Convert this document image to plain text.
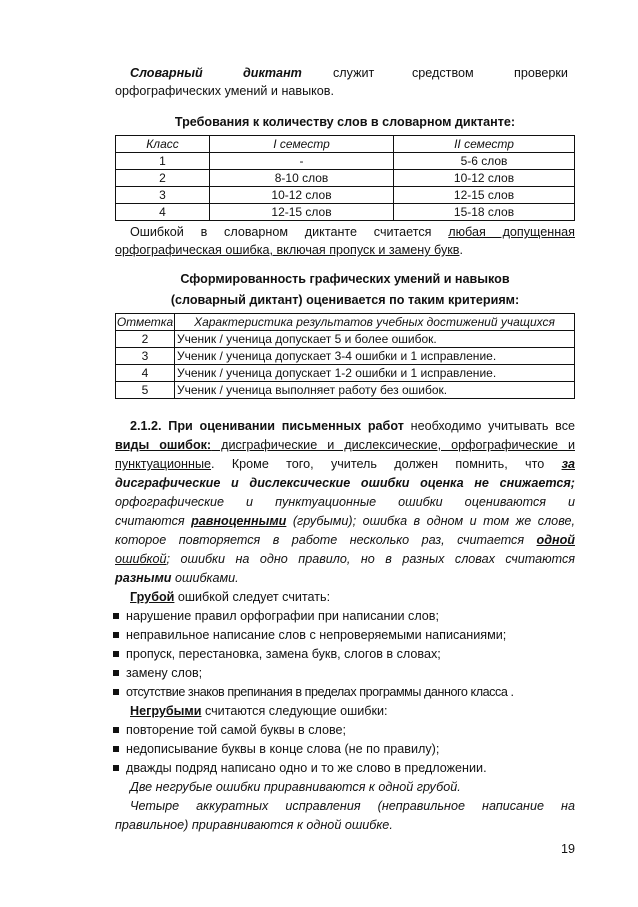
Словарный	диктант служит	средством	проверки
орфографических умений и навыков.
Требования к количеству слов в словарном диктанте:
Класс	I семестр	II семестр
1	-	5-6 слов
2	8-10 слов	10-12 слов
3	10-12 слов	12-15 слов
4	12-15 слов	15-18 слов
Ошибкой в словарном диктанте считается любая допущенная
орфографическая ошибка, включая пропуск и замену букв.
Сформированность графических умений и навыков
(словарный диктант) оценивается по таким критериям:
Отметка	Характеристика результатов учебных достижений учащихся
2	Ученик / ученица допускает 5 и более ошибок.
3	Ученик / ученица допускает 3-4 ошибки и 1 исправление.
4	Ученик / ученица допускает 1-2 ошибки и 1 исправление.
5	Ученик / ученица выполняет работу без ошибок.
2.1.2. При оценивании письменных работ необходимо учитывать все
виды ошибок: дисграфические и дислексические, орфографические и
пунктуационные. Кроме того, учитель должен помнить, что за
дисграфические и дислексические ошибки оценка не снижается;
орфографические и пунктуационные ошибки оцениваются и
считаются равноценными (грубыми); ошибка в одном и том же слове,
которое повторяется в работе несколько раз, считается одной
ошибкой; ошибки на одно правило, но в разных словах считаются
разными ошибками.
Грубой ошибкой следует считать:
нарушение правил орфографии при написании слов;
неправильное написание слов с непроверяемыми написаниями;
пропуск, перестановка, замена букв, слогов в словах;
замену слов;
отсутствие знаков препинания в пределах программы данного класса .
Негрубыми считаются следующие ошибки:
повторение той самой буквы в слове;
недописывание буквы в конце слова (не по правилу);
дважды подряд написано одно и то же слово в предложении.
Две негрубые ошибки приравниваются к одной грубой.
Четыре аккуратных исправления (неправильное написание на
правильное) приравниваются к одной ошибке.
19
